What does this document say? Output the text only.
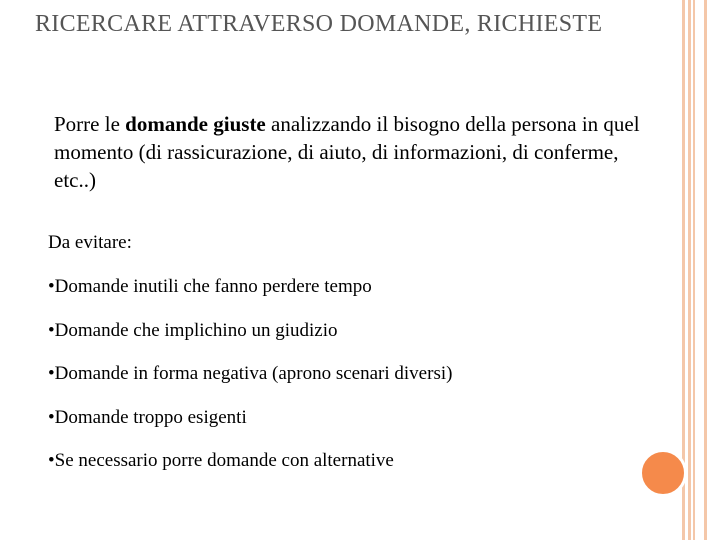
RICERCARE ATTRAVERSO DOMANDE, RICHIESTE
Porre le domande giuste analizzando il bisogno della persona in quel momento (di rassicurazione, di aiuto, di informazioni, di conferme, etc..)
Da evitare:
•Domande inutili che fanno perdere tempo
•Domande che implichino un giudizio
•Domande in forma negativa (aprono scenari diversi)
•Domande troppo esigenti
•Se necessario porre domande con alternative
